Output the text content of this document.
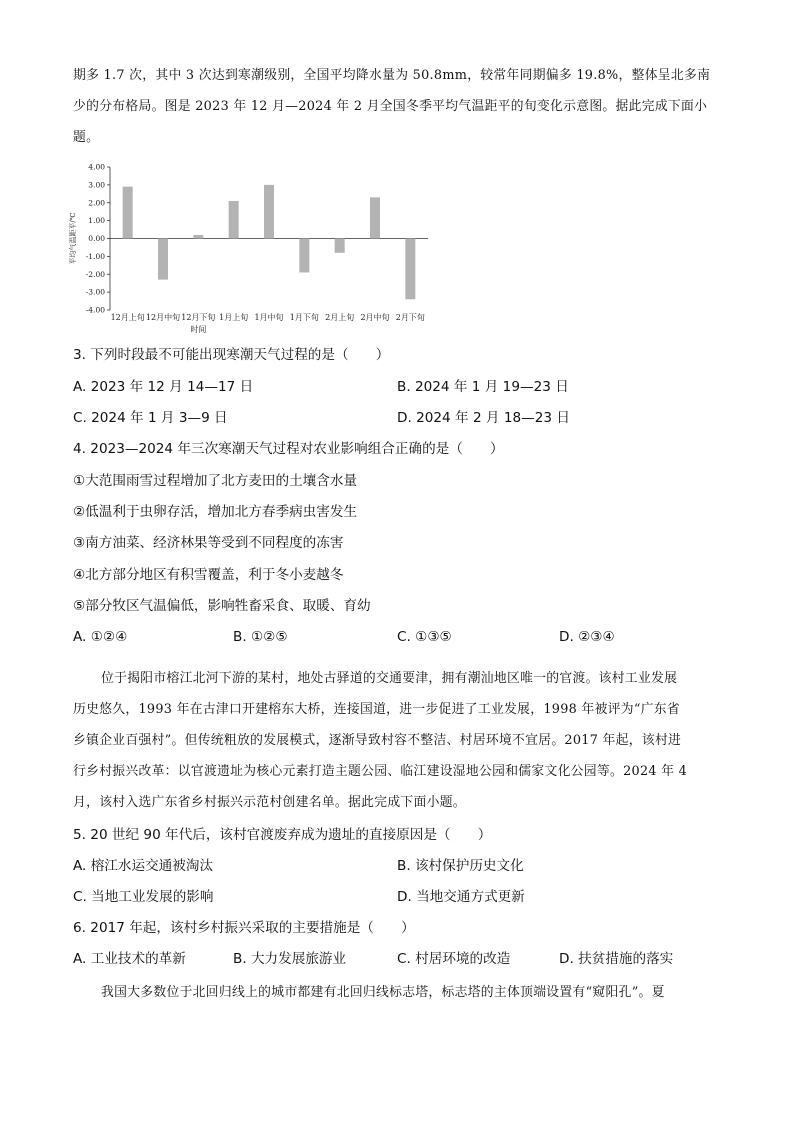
期多 1.7 次，其中 3 次达到寒潮级别，全国平均降水量为 50.8mm，较常年同期偏多 19.8%，整体呈北多南
少的分布格局。图是 2023 年 12 月—2024 年 2 月全国冬季平均气温距平的旬变化示意图。据此完成下面小
题。
4.00
3.00
2.00
1.00
0.00
-1.00
-2.00
-3.00
-4.00
12月上旬 12月中旬 12月下旬 1月上旬 1月中旬 1月下旬 2月上旬 2月中旬 2月下旬
时间
平均气温距平/℃
3. 下列时段最不可能出现寒潮天气过程的是（　　）
A. 2023 年 12 月 14—17 日	B. 2024 年 1 月 19—23 日
C. 2024 年 1 月 3—9 日	D. 2024 年 2 月 18—23 日
4. 2023—2024 年三次寒潮天气过程对农业影响组合正确的是（　　）
①大范围雨雪过程增加了北方麦田的土壤含水量
②低温利于虫卵存活，增加北方春季病虫害发生
③南方油菜、经济林果等受到不同程度的冻害
④北方部分地区有积雪覆盖，利于冬小麦越冬
⑤部分牧区气温偏低，影响牲畜采食、取暖、育幼
A. ①②④	B. ①②⑤	C. ①③⑤	D. ②③④
位于揭阳市榕江北河下游的某村，地处古驿道的交通要津，拥有潮汕地区唯一的官渡。该村工业发展
历史悠久，1993 年在古津口开建榕东大桥，连接国道，进一步促进了工业发展，1998 年被评为“广东省
乡镇企业百强村”。但传统粗放的发展模式，逐渐导致村容不整洁、村居环境不宜居。2017 年起，该村进
行乡村振兴改革：以官渡遗址为核心元素打造主题公园、临江建设湿地公园和儒家文化公园等。2024 年 4
月，该村入选广东省乡村振兴示范村创建名单。据此完成下面小题。
5. 20 世纪 90 年代后，该村官渡废弃成为遗址的直接原因是（　　）
A. 榕江水运交通被淘汰	B. 该村保护历史文化
C. 当地工业发展的影响	D. 当地交通方式更新
6. 2017 年起，该村乡村振兴采取的主要措施是（　　）
A. 工业技术的革新	B. 大力发展旅游业	C. 村居环境的改造	D. 扶贫措施的落实
我国大多数位于北回归线上的城市都建有北回归线标志塔，标志塔的主体顶端设置有“窥阳孔”。夏
